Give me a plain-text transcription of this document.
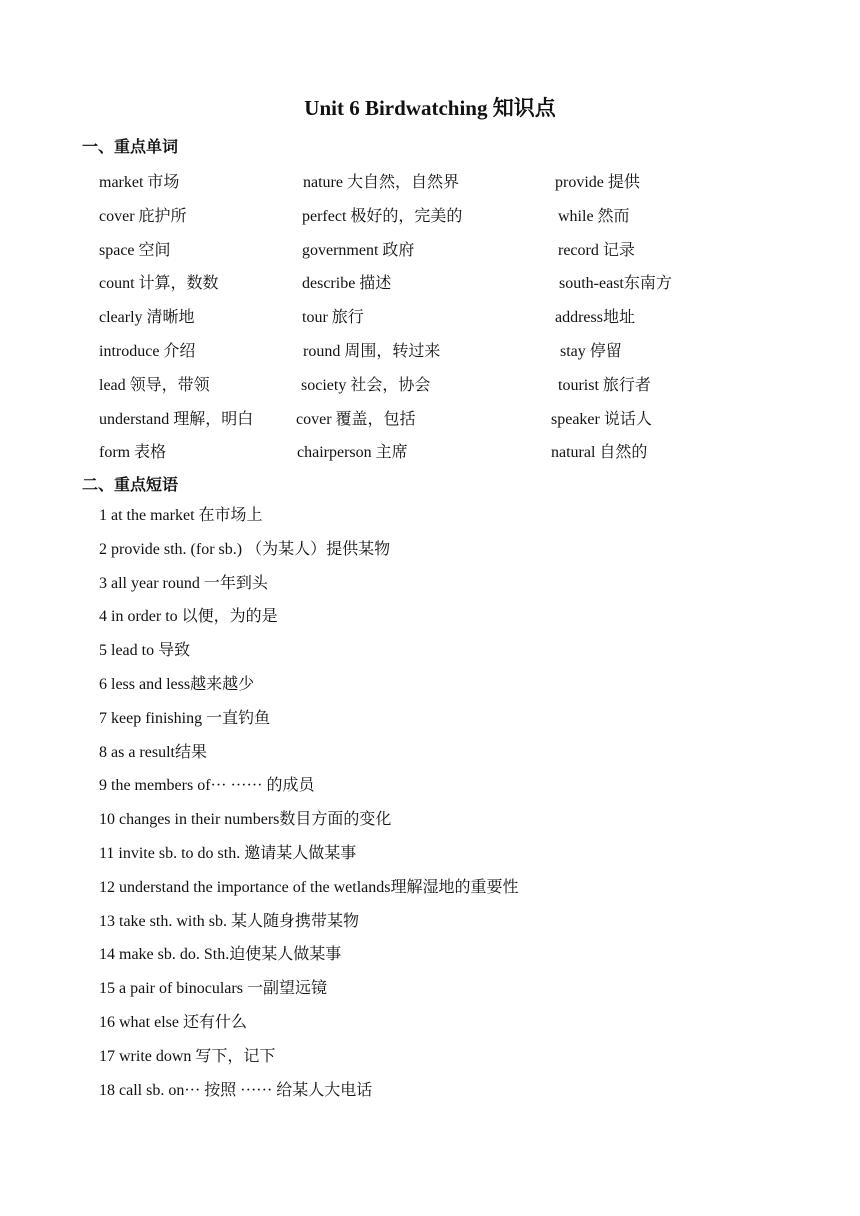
Unit 6 Birdwatching 知识点
一、重点单词
market 市场	nature 大自然，自然界	provide 提供
cover 庇护所	perfect 极好的，完美的	while 然而
space 空间	government 政府	record 记录
count 计算，数数	describe 描述	south-east东南方
clearly 清晰地	tour 旅行	address地址
introduce 介绍	round 周围，转过来	stay 停留
lead 领导，带领	society 社会，协会	tourist 旅行者
understand 理解，明白	cover 覆盖，包括	speaker 说话人
form 表格	chairperson 主席	natural 自然的
二、重点短语
1 at the market 在市场上
2 provide sth. (for sb.) （为某人）提供某物
3 all year round 一年到头
4 in order to 以便，为的是
5 lead to 导致
6 less and less越来越少
7 keep finishing 一直钓鱼
8 as a result结果
9 the members of··· ······ 的成员
10 changes in their numbers数目方面的变化
11 invite sb. to do sth. 邀请某人做某事
12 understand the importance of the wetlands理解湿地的重要性
13 take sth. with sb. 某人随身携带某物
14 make sb. do. Sth.迫使某人做某事
15 a pair of binoculars 一副望远镜
16 what else 还有什么
17 write down 写下，记下
18 call sb. on··· 按照 ······ 给某人大电话
